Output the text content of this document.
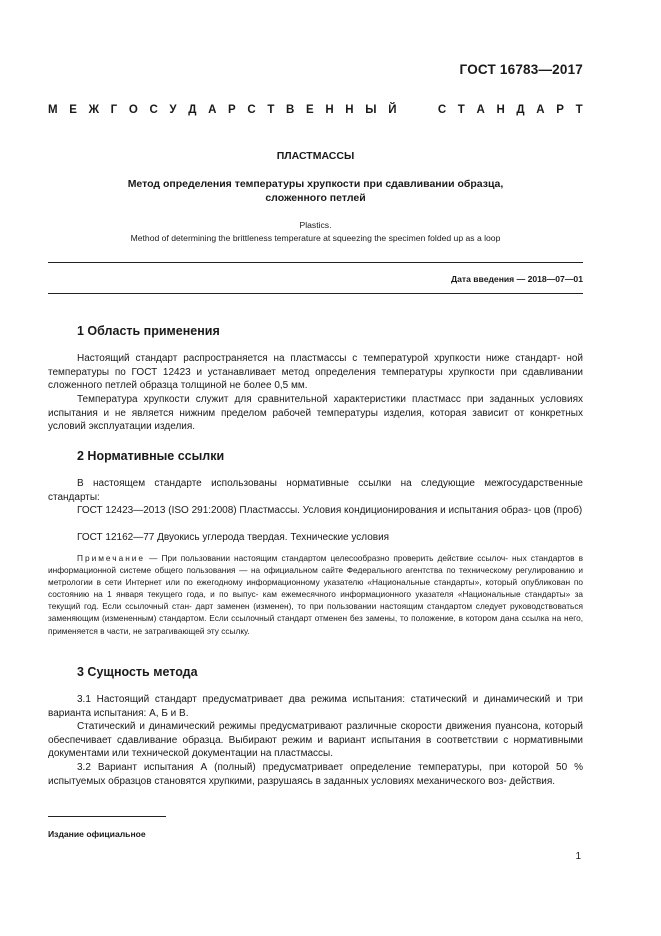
ГОСТ 16783—2017
М Е Ж Г О С У Д А Р С Т В Е Н Н Ы Й

	С Т А Н Д А Р Т
ПЛАСТМАССЫ
Метод определения температуры хрупкости при сдавливании образца,
сложенного петлей
Plastics.
Method of determining the brittleness temperature at squeezing the specimen folded up as a loop
Дата введения — 2018—07—01
1 Область применения
Настоящий стандарт распространяется на пластмассы с температурой хрупкости ниже стандарт- ной температуры по ГОСТ 12423 и устанавливает метод определения температуры хрупкости при сдавливании сложенного петлей образца толщиной не более 0,5 мм.
Температура хрупкости служит для сравнительной характеристики пластмасс при заданных условиях испытания и не является нижним пределом рабочей температуры изделия, которая зависит от конкретных условий эксплуатации изделия.
2 Нормативные ссылки
В настоящем стандарте использованы нормативные ссылки на следующие межгосударственные стандарты:
ГОСТ 12423—2013 (ISO 291:2008) Пластмассы. Условия кондиционирования и испытания образ- цов (проб)
ГОСТ 12162—77 Двуокись углерода твердая. Технические условия
Примечание — При пользовании настоящим стандартом целесообразно проверить действие ссылоч- ных стандартов в информационной системе общего пользования — на официальном сайте Федерального агентства по техническому регулированию и метрологии в сети Интернет или по ежегодному информационному указателю «Национальные стандарты», который опубликован по состоянию на 1 января текущего года, и по выпус- кам ежемесячного информационного указателя «Национальные стандарты» за текущий год. Если ссылочный стан- дарт заменен (изменен), то при пользовании настоящим стандартом следует руководствоваться заменяющим (измененным) стандартом. Если ссылочный стандарт отменен без замены, то положение, в котором дана ссылка на него, применяется в части, не затрагивающей эту ссылку.
3 Сущность метода
3.1 Настоящий стандарт предусматривает два режима испытания: статический и динамический и три варианта испытания: А, Б и В.
Статический и динамический режимы предусматривают различные скорости движения пуансона, который обеспечивает сдавливание образца. Выбирают режим и вариант испытания в соответствии с нормативными документами или технической документации на пластмассы.
3.2 Вариант испытания А (полный) предусматривает определение температуры, при которой 50 % испытуемых образцов становятся хрупкими, разрушаясь в заданных условиях механического воз- действия.
Издание официальное
1
